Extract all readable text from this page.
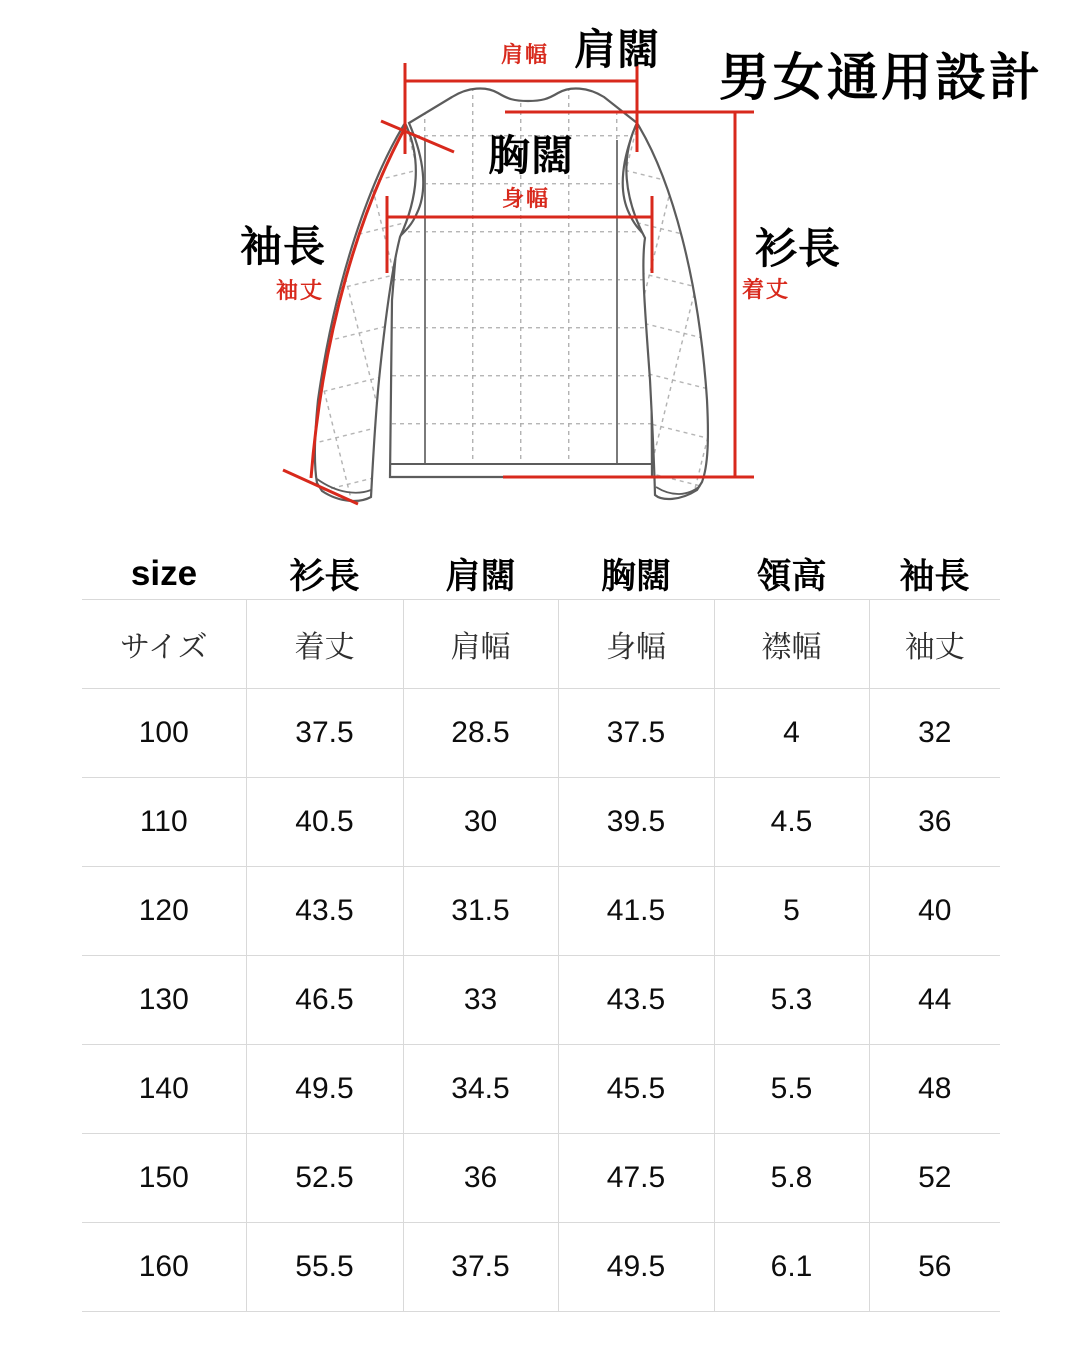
肩幅 肩闊 男女通用設計
胸闊
身幅
袖長
袖丈
衫長
着丈
size	衫長	肩闊	胸闊	領高	袖長
サイズ	着丈	肩幅	身幅	襟幅	袖丈
100	37.5	28.5	37.5	4	32
110	40.5	30	39.5	4.5	36
120	43.5	31.5	41.5	5	40
130	46.5	33	43.5	5.3	44
140	49.5	34.5	45.5	5.5	48
150	52.5	36	47.5	5.8	52
160	55.5	37.5	49.5	6.1	56
